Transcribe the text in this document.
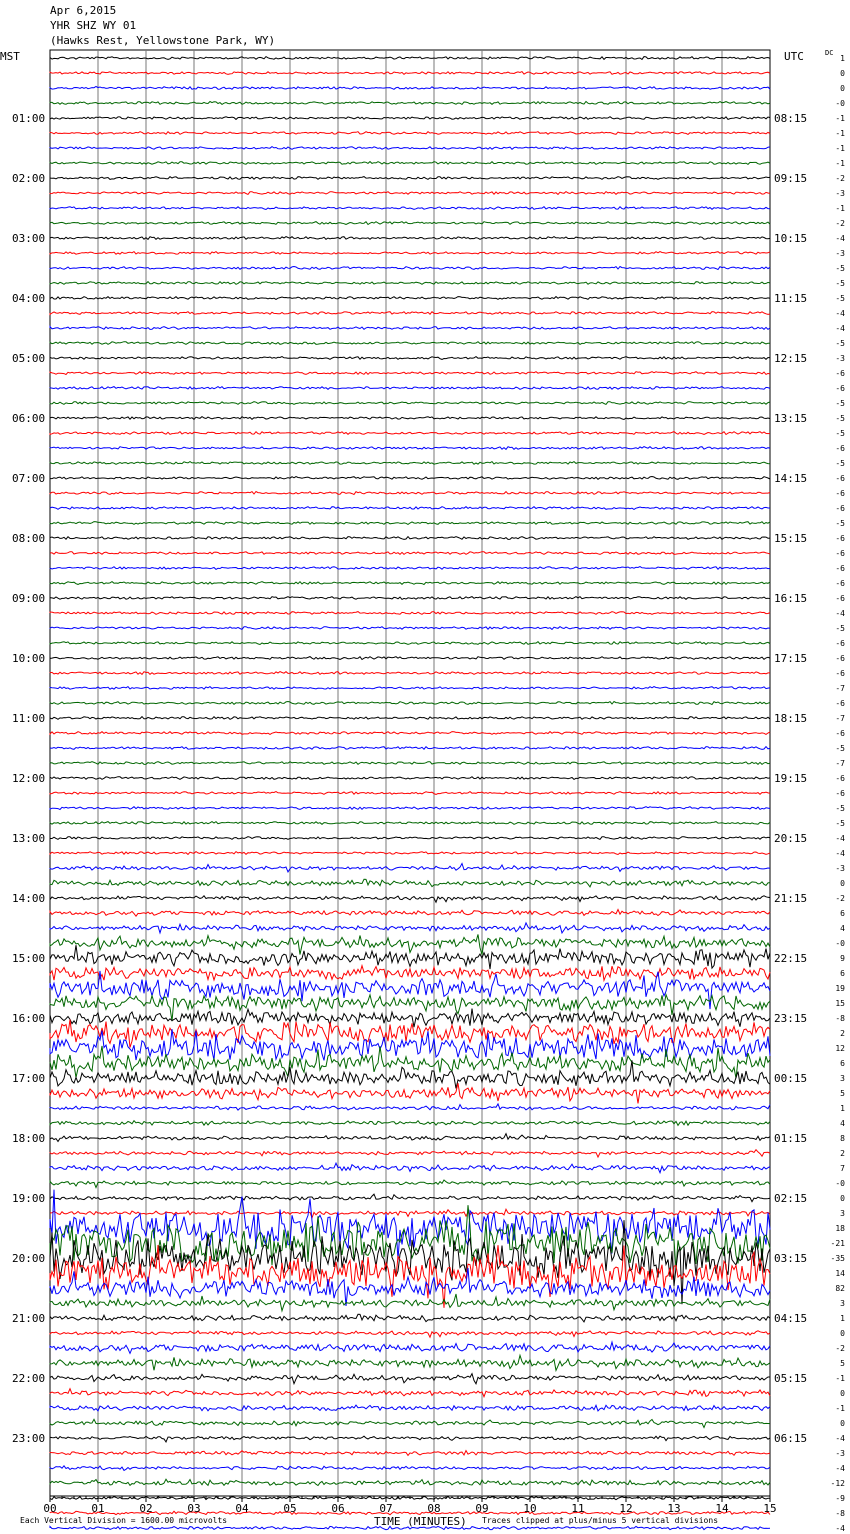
Apr 6,2015
YHR SHZ WY 01
(Hawks Rest, Yellowstone Park, WY)
01:00
02:00
03:00
04:00
05:00
06:00
07:00
08:00
09:00
10:00
11:00
12:00
13:00
14:00
15:00
16:00
17:00
18:00
19:00
20:00
21:00
22:00
23:00
08:15
09:15
10:15
11:15
12:15
13:15
14:15
15:15
16:15
17:15
18:15
19:15
20:15
21:15
22:15
23:15
00:15
01:15
02:15
03:15
04:15
05:15
06:15
MST	UTC	DC
1
0
0
-0
-1
-1
-1
-1
-2
-3
-1
-2
-4
-3
-5
-5
-5
-4
-4
-5
-3
-6
-6
-5
-5
-5
-6
-5
-6
-6
-6
-5
-6
-6
-6
-6
-6
-4
-5
-6
-6
-6
-7
-6
-7
-6
-5
-7
-6
-6
-5
-5
-4
-4
-3
0
-2
6
4
-0
9
6
19
15
-8
2
12
6
3
5
1
4
8
2
7
-0
0
3
18
-21
-35
14
82
3
1
0
-2
5
-1
0
-1
0
-4
-3
-4
-12
-9
-8
-4
00	01	02	03	04	05	06	07	08	09	10	11	12	13	14	15
Each Vertical Division = 1600.00 microvolts	TIME (MINUTES) Traces clipped at plus/minus 5 vertical divisions
